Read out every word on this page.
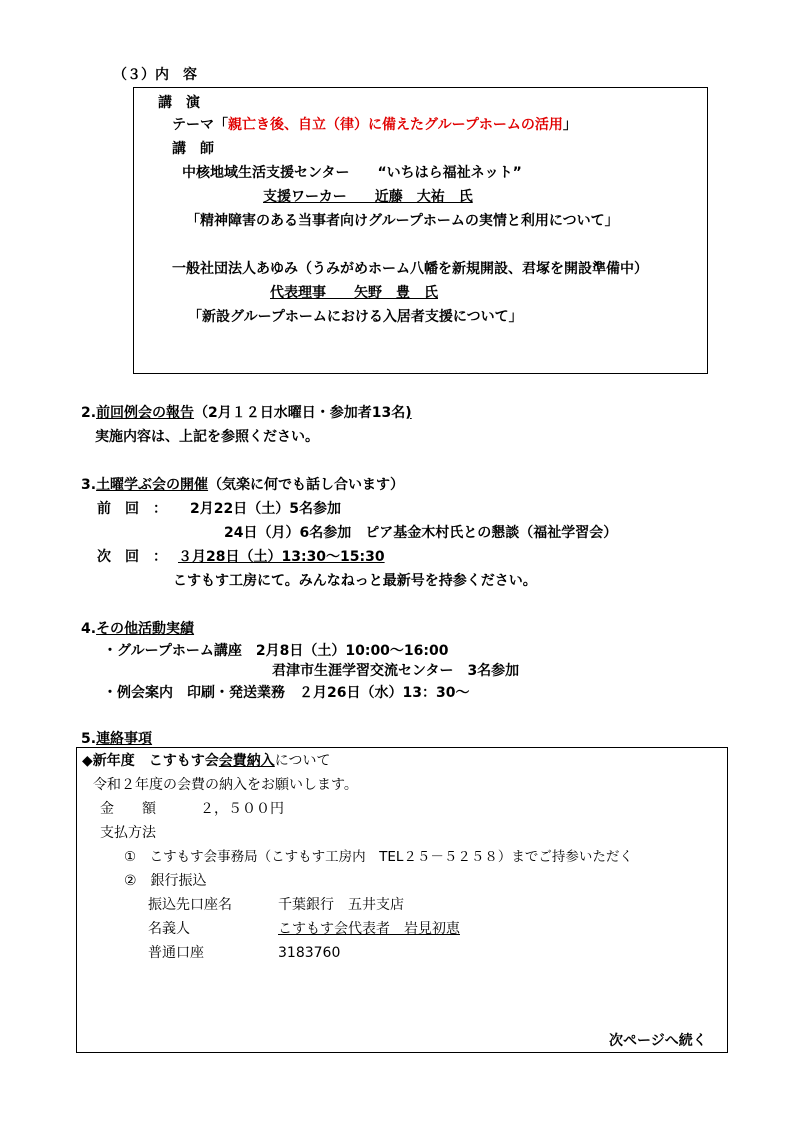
（３）内　容
講　演
テーマ「親亡き後、自立（律）に備えたグループホームの活用」
講　師
中核地域生活支援センター　　“いちはら福祉ネット”
支援ワーカー　　近藤　大祐　氏
「精神障害のある当事者向けグループホームの実情と利用について」
一般社団法人あゆみ（うみがめホーム八幡を新規開設、君塚を開設準備中）
代表理事　　矢野　豊　氏
「新設グループホームにおける入居者支援について」
2.前回例会の報告（2月１２日水曜日・参加者13名)
実施内容は、上記を参照ください。
3.土曜学ぶ会の開催（気楽に何でも話し合います）
前　回　： 2月22日（土）5名参加
24日（月）6名参加　ピア基金木村氏との懇談（福祉学習会）
次　回　： ３月28日（土）13:30〜15:30
こすもす工房にて。みんなねっと最新号を持参ください。
4.その他活動実績
・グループホーム講座　2月8日（土）10:00〜16:00
君津市生涯学習交流センター　3名参加
・例会案内　印刷・発送業務　２月26日（水）13：30〜
5.連絡事項
◆新年度　こすもす会会費納入について
令和２年度の会費の納入をお願いします。
金　　額	２，５００円
支払方法
①　こすもす会事務局（こすもす工房内　TEL２５－５２５８）までご持参いただく
②　銀行振込
振込先口座名	千葉銀行　五井支店
名義人	こすもす会代表者　岩見初恵
普通口座	3183760
次ページへ続く
